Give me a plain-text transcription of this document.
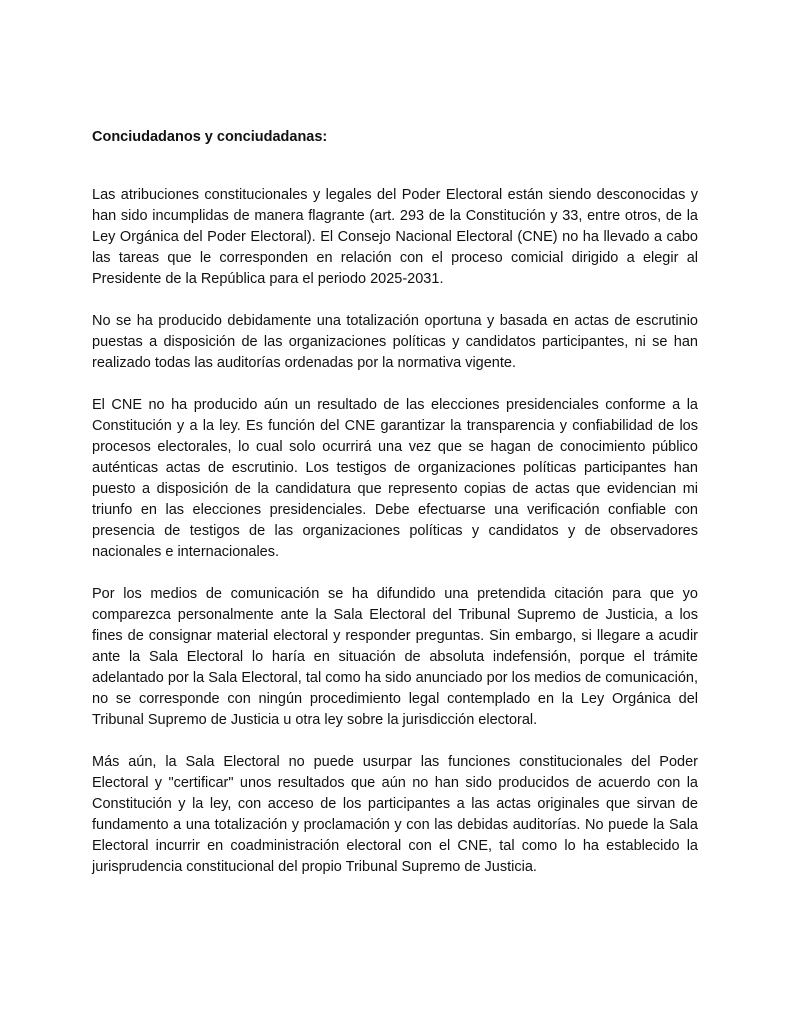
Conciudadanos y conciudadanas:

Las atribuciones constitucionales y legales del Poder Electoral están siendo desconocidas y han sido incumplidas de manera flagrante (art. 293 de la Constitución y 33, entre otros, de la Ley Orgánica del Poder Electoral). El Consejo Nacional Electoral (CNE) no ha llevado a cabo las tareas que le corresponden en relación con el proceso comicial dirigido a elegir al Presidente de la República para el periodo 2025-2031.

No se ha producido debidamente una totalización oportuna y basada en actas de escrutinio puestas a disposición de las organizaciones políticas y candidatos participantes, ni se han realizado todas las auditorías ordenadas por la normativa vigente.

El CNE no ha producido aún un resultado de las elecciones presidenciales conforme a la Constitución y a la ley. Es función del CNE garantizar la transparencia y confiabilidad de los procesos electorales, lo cual solo ocurrirá una vez que se hagan de conocimiento público auténticas actas de escrutinio. Los testigos de organizaciones políticas participantes han puesto a disposición de la candidatura que represento copias de actas que evidencian mi triunfo en las elecciones presidenciales. Debe efectuarse una verificación confiable con presencia de testigos de las organizaciones políticas y candidatos y de observadores nacionales e internacionales.

Por los medios de comunicación se ha difundido una pretendida citación para que yo comparezca personalmente ante la Sala Electoral del Tribunal Supremo de Justicia, a los fines de consignar material electoral y responder preguntas. Sin embargo, si llegare a acudir ante la Sala Electoral lo haría en situación de absoluta indefensión, porque el trámite adelantado por la Sala Electoral, tal como ha sido anunciado por los medios de comunicación, no se corresponde con ningún procedimiento legal contemplado en la Ley Orgánica del Tribunal Supremo de Justicia u otra ley sobre la jurisdicción electoral.

Más aún, la Sala Electoral no puede usurpar las funciones constitucionales del Poder Electoral y "certificar" unos resultados que aún no han sido producidos de acuerdo con la Constitución y la ley, con acceso de los participantes a las actas originales que sirvan de fundamento a una totalización y proclamación y con las debidas auditorías. No puede la Sala Electoral incurrir en coadministración electoral con el CNE, tal como lo ha establecido la jurisprudencia constitucional del propio Tribunal Supremo de Justicia.
